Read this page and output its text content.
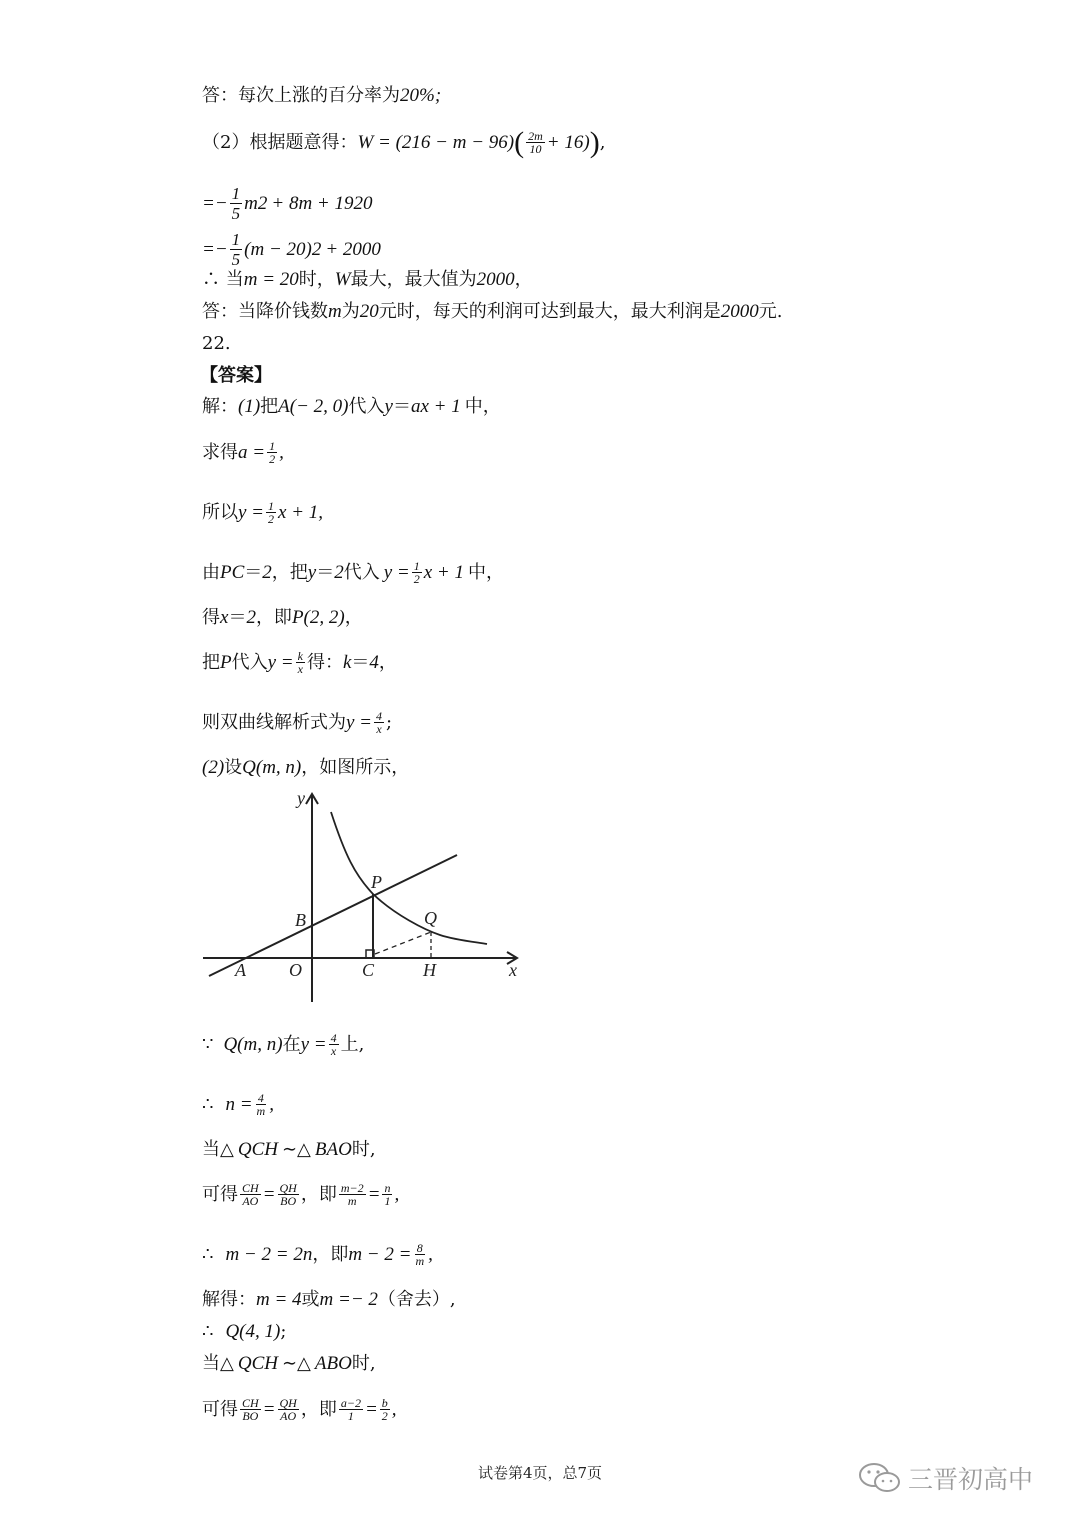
答：每次上涨的百分率为 20%;
（2）根据题意得： W = (216 − m − 96) ( $\frac{2m}{10} + 16$) ) ,
=− $\frac{1}{5}$ m 2 + 8m + 1920
=− $\frac{1}{5} (m - 20) 2 + 2000$
∴ 当 m = 20 时， W 最大，最大值为 2000 ，
答：当降价钱数 m 为 20 元时，每天的利润可达到最大，最大利润是 2000 元.
22.
【答案】
解： (1) 把 A(− 2, 0) 代入 y ＝ ax + 1 中，
求得 $a = \frac{1}{2}$ ,
所以 $y = \frac{1}{2}$ x + 1,
由 PC ＝ 2 ，把 y ＝ 2 代入 $y = \frac{1}{2}$ x + 1 中，
得 x ＝ 2 ，即 P(2, 2) ，
把 P 代入 $y = \frac{k}{x}$ 得： k ＝ 4 ，
则双曲线解析式为 $y = \frac{4}{x}$ ;
(2) 设 Q(m, n) ，如图所示，
y
x
P
Q
B
A O	C	H
∵ Q(m, n) 在 $y = \frac{4}{x}$ 上,
∴ $n = \frac{4}{m}$ ,
当△ QCH ∼△ BAO 时,
可得 $\frac{CH}{AO} = \frac{QH}{BO}$ ，即 $\frac{m-2}{m} = \frac{n}{1}$ ,
∴ m − 2 = 2n ，即 $m - 2 = \frac{8}{m}$ ,
解得： m = 4 或 m =− 2 （舍去）,
∴ Q(4, 1) ;
当△ QCH ∼△ ABO 时,
可得 $\frac{CH}{BO} = \frac{QH}{AO}$ ，即 $\frac{a-2}{1} = \frac{b}{2}$ ,
试卷第4页，总7页	三晋初高中
